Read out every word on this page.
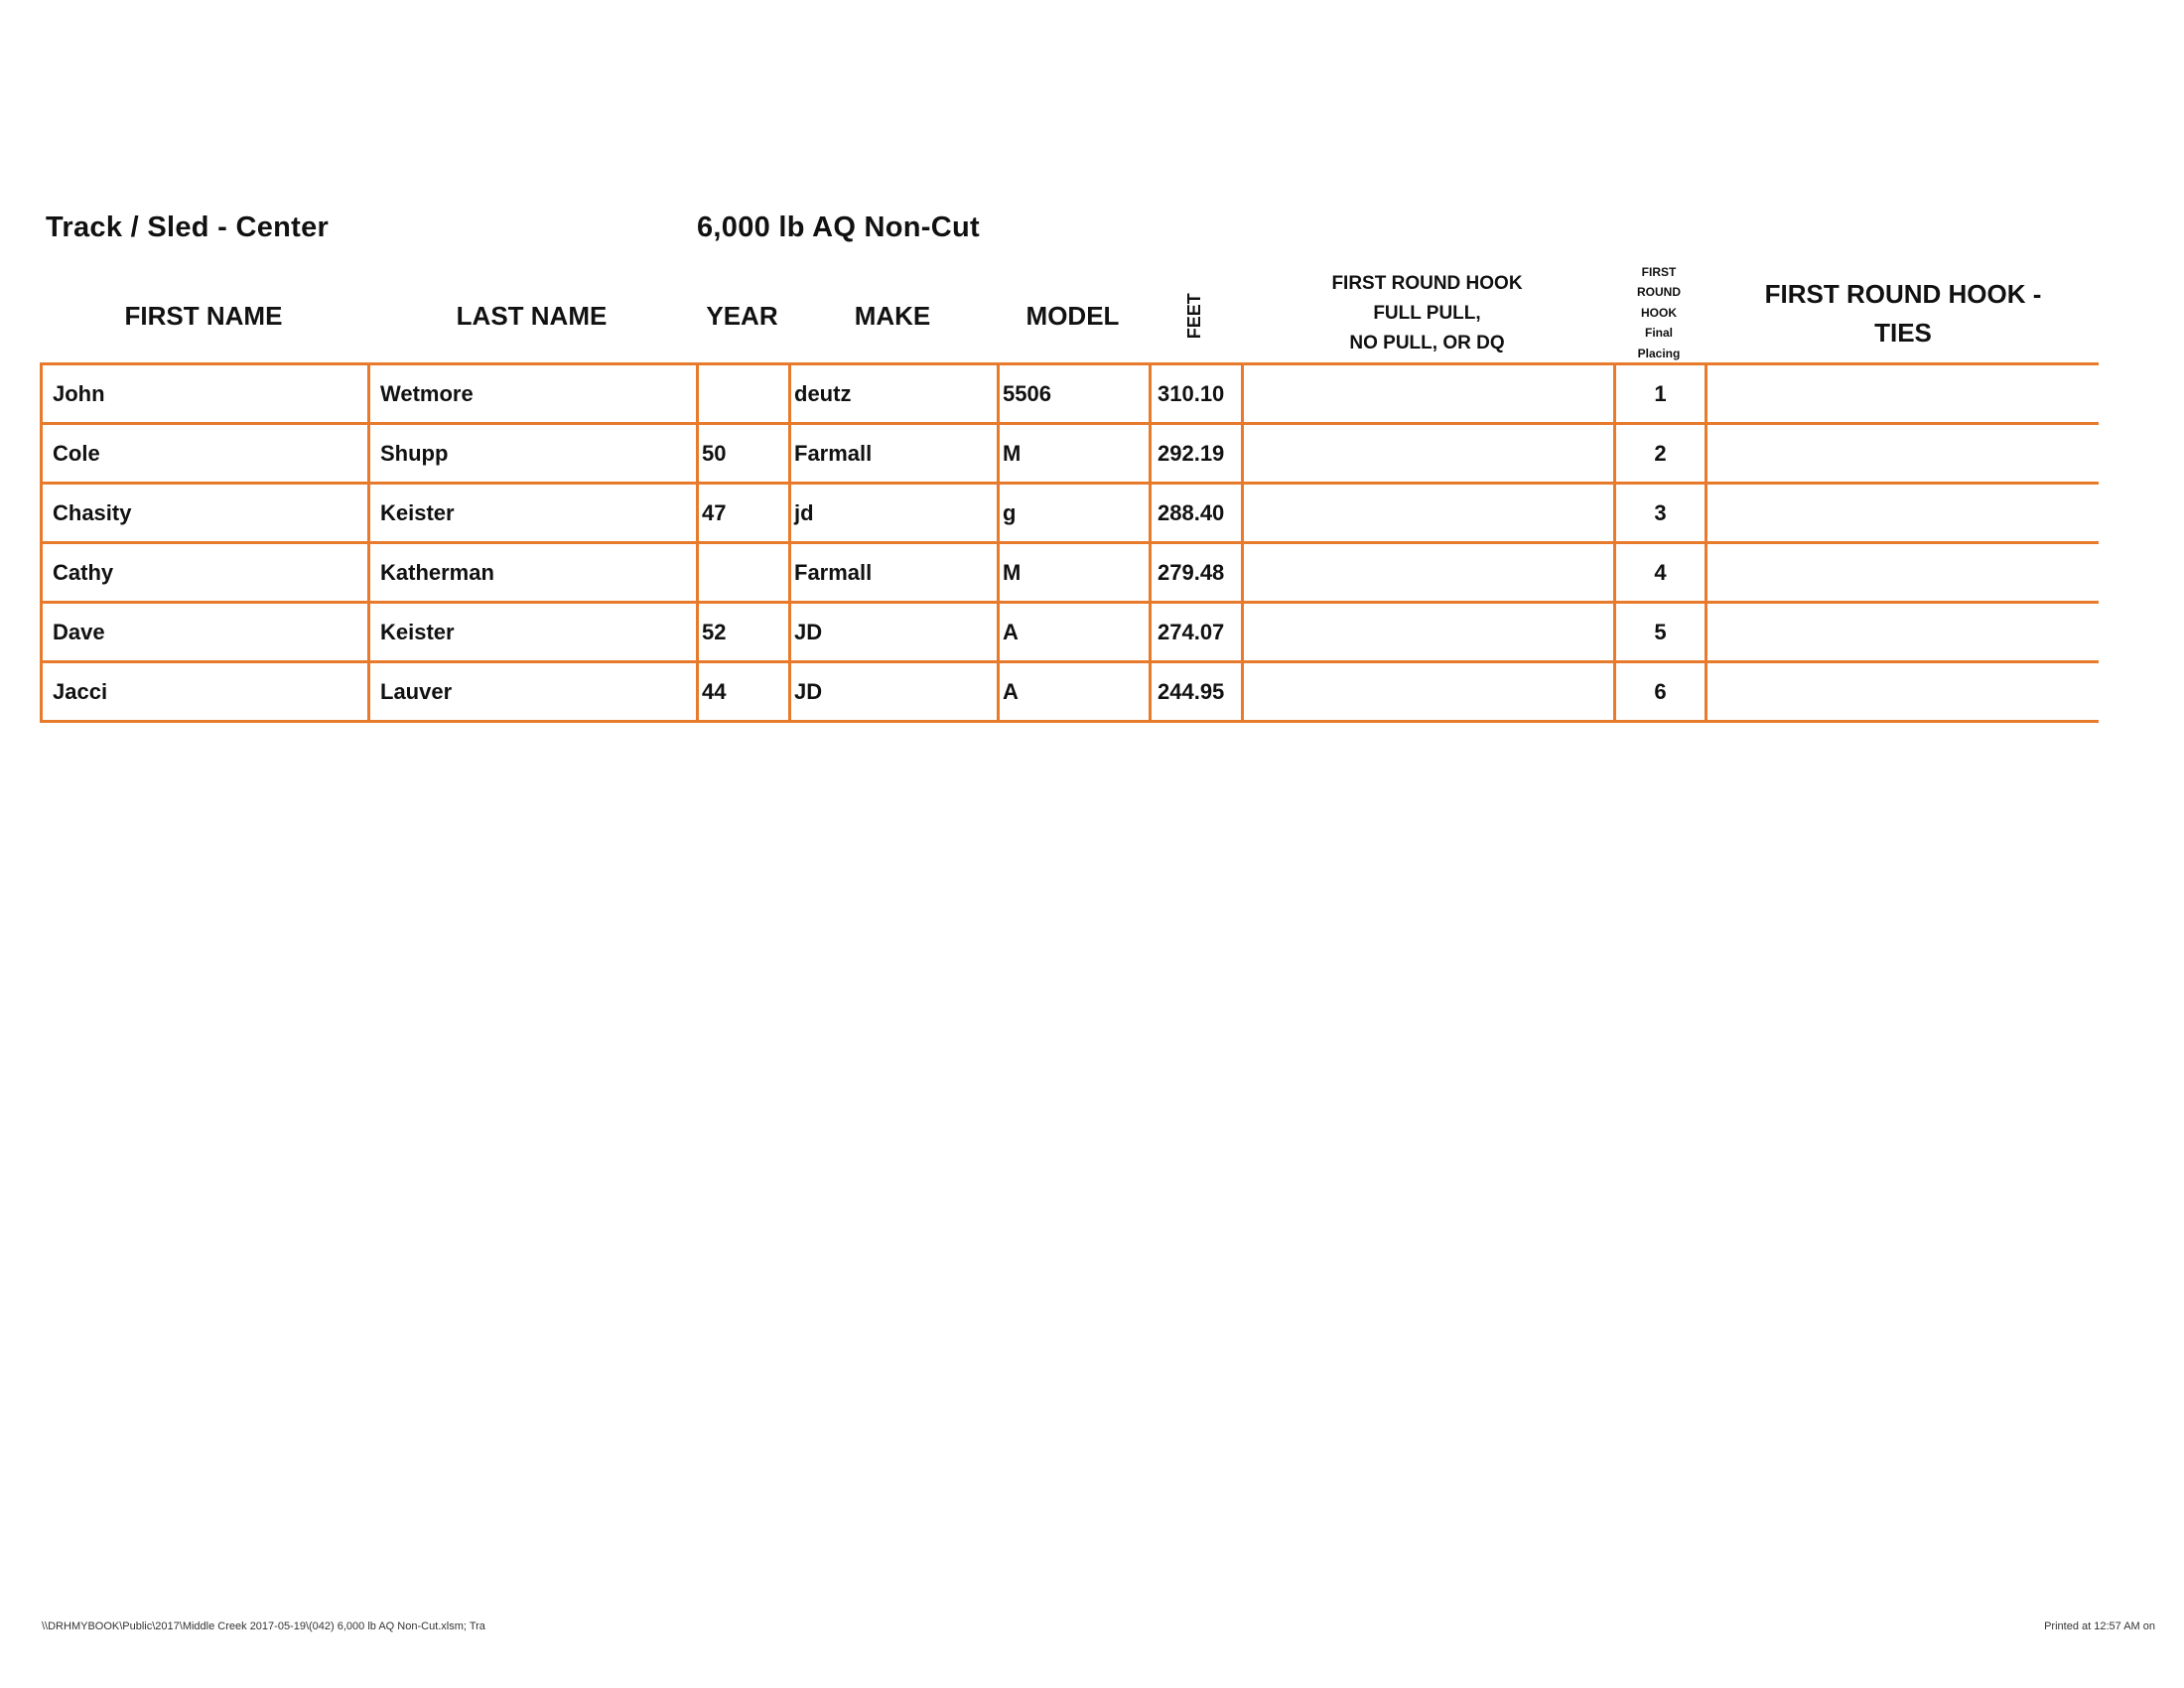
Track / Sled - Center	6,000 lb AQ Non-Cut
FIRST NAME	LAST NAME	YEAR	MAKE	MODEL	FEET
FIRST ROUND HOOK
FULL PULL,
NO PULL, OR DQ
FIRST
ROUND
HOOK
Final
Placing
FIRST ROUND HOOK -
TIES
John	Wetmore		deutz	5506	310.10		1	
Cole	Shupp	50	Farmall	M	292.19		2	
Chasity	Keister	47	jd	g	288.40		3	
Cathy	Katherman		Farmall	M	279.48		4	
Dave	Keister	52	JD	A	274.07		5	
Jacci	Lauver	44	JD	A	244.95		6	
\\DRHMYBOOK\Public\2017\Middle Creek 2017-05-19\(042) 6,000 lb AQ Non-Cut.xlsm; Tra	Printed at 12:57 AM on
